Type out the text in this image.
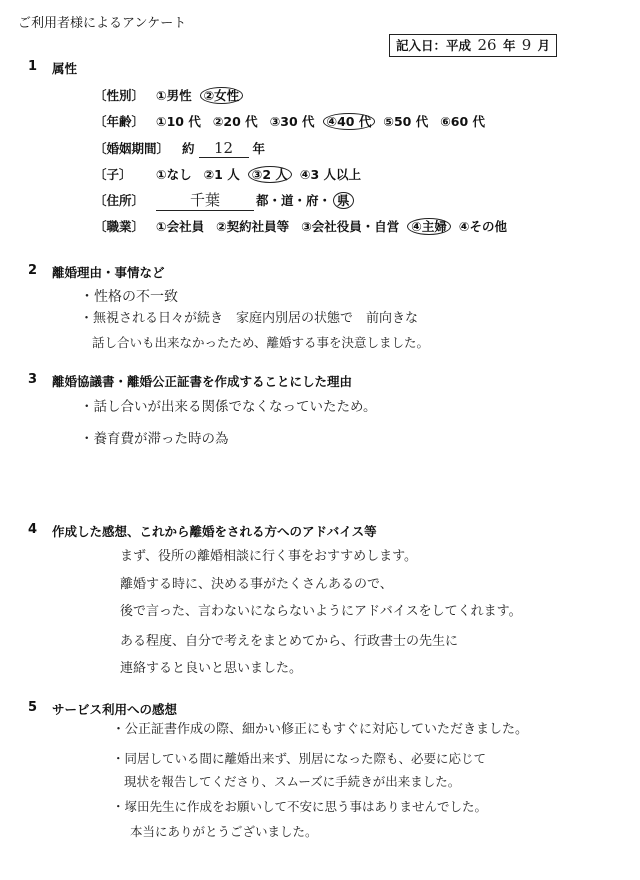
ご利用者様によるアンケート
記入日：平成 26 年 9 月
1 属性
〔性別〕 ①男性 ②女性
〔年齢〕 ①10 代 ②20 代 ③30 代 ④40 代 ⑤50 代 ⑥60 代
〔婚姻期間〕 約 12 年
〔子〕 ①なし ②1 人 ③2 人 ④3 人以上
〔住所〕	千葉	都・道・府・ 県
〔職業〕 ①会社員 ②契約社員等 ③会社役員・自営 ④主婦 ④その他
2 離婚理由・事情など
・性格の不一致
・無視される日々が続き　家庭内別居の状態で　前向きな
話し合いも出来なかったため、離婚する事を決意しました。
3 離婚協議書・離婚公正証書を作成することにした理由
・話し合いが出来る関係でなくなっていたため。
・養育費が滞った時の為
4 作成した感想、これから離婚をされる方へのアドバイス等
まず、役所の離婚相談に行く事をおすすめします。
離婚する時に、決める事がたくさんあるので、
後で言った、言わないにならないようにアドバイスをしてくれます。
ある程度、自分で考えをまとめてから、行政書士の先生に
連絡すると良いと思いました。
5 サービス利用への感想
・公正証書作成の際、細かい修正にもすぐに対応していただきました。
・同居している間に離婚出来ず、別居になった際も、必要に応じて
現状を報告してくださり、スムーズに手続きが出来ました。
・塚田先生に作成をお願いして不安に思う事はありませんでした。
本当にありがとうございました。
